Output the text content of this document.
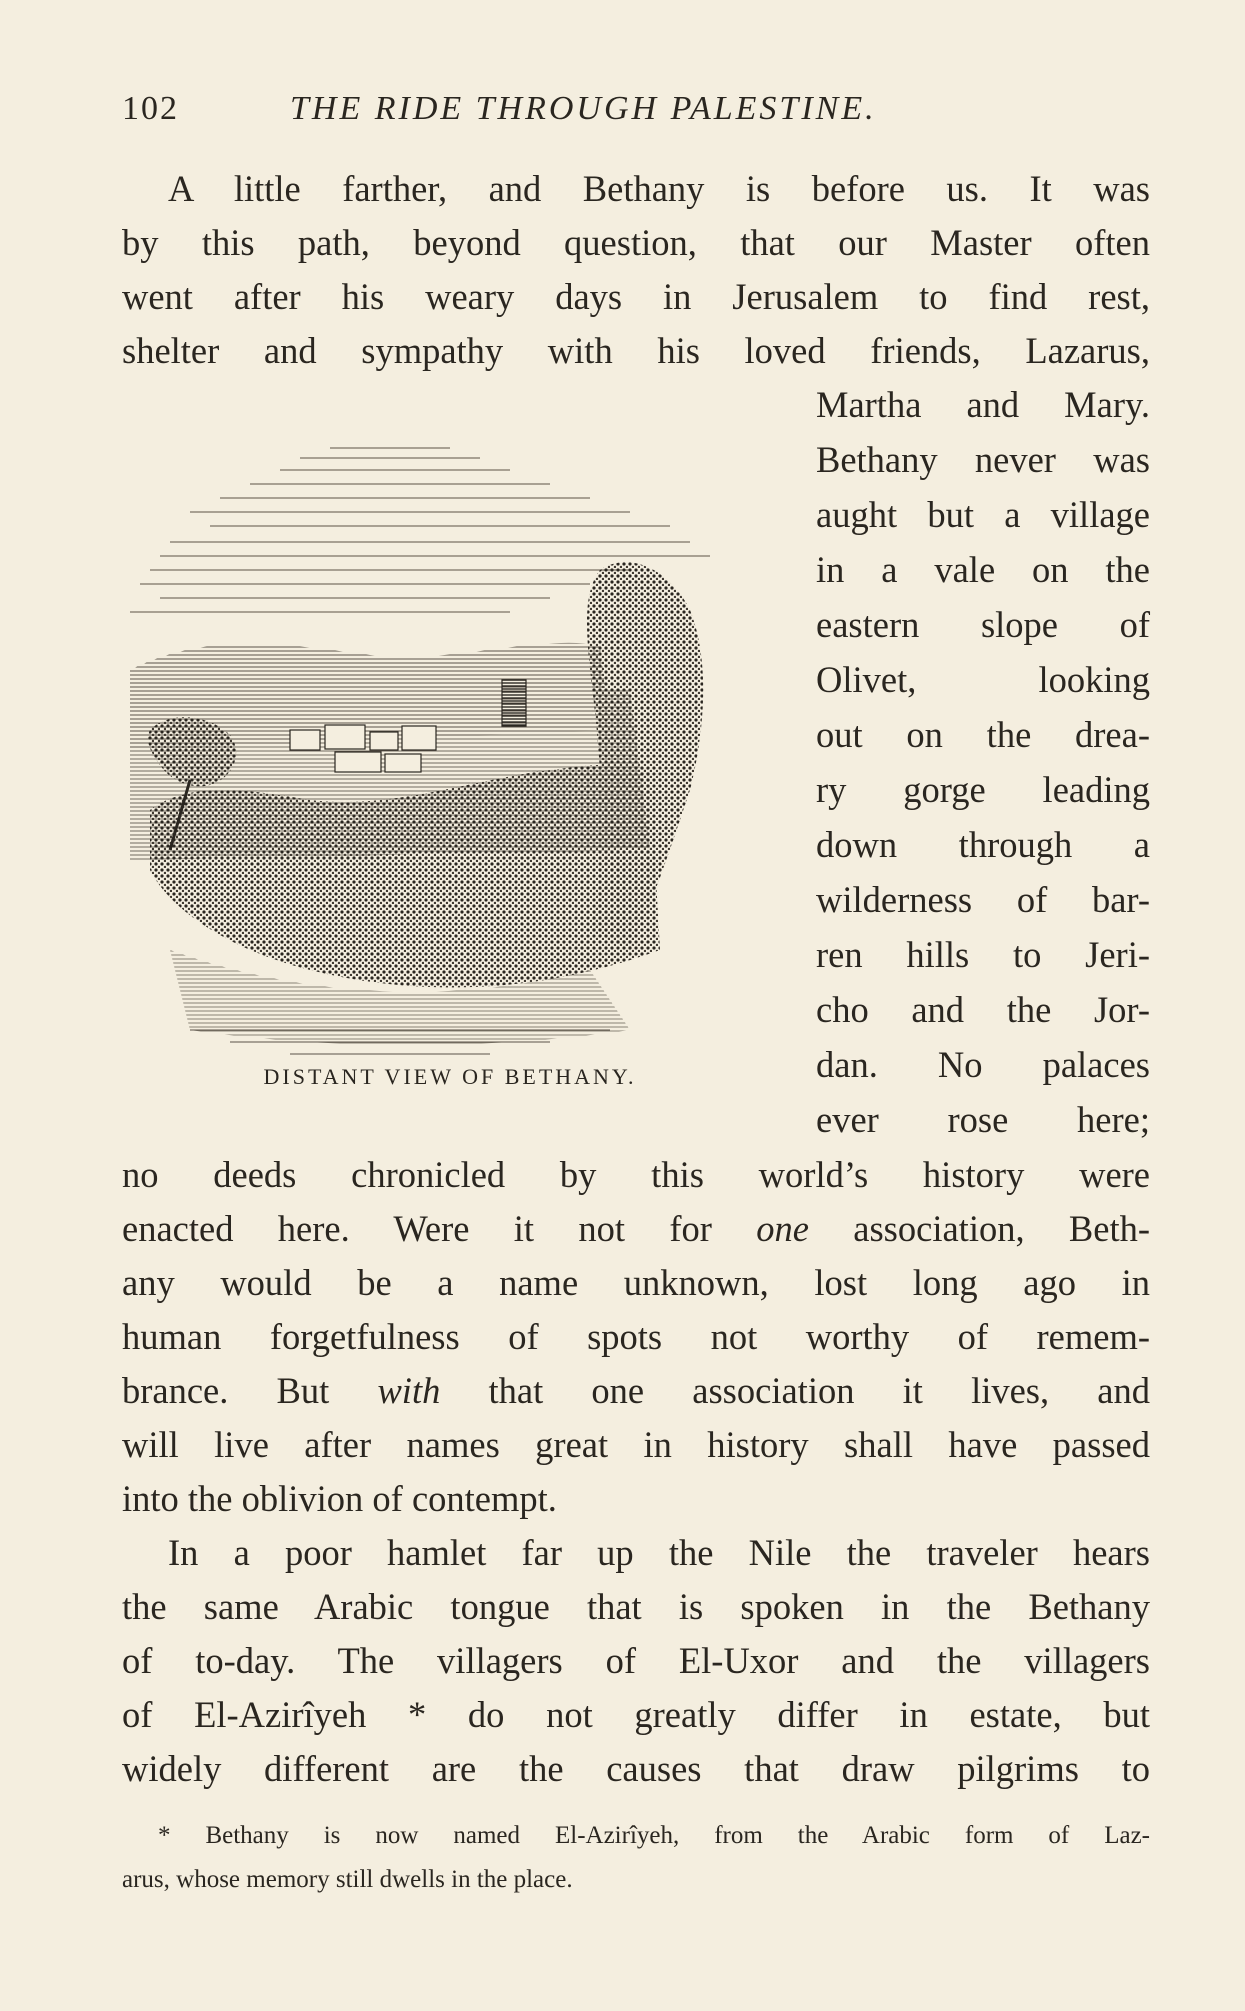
102	THE RIDE THROUGH PALESTINE.
A little farther, and Bethany is before us. It was
by this path, beyond question, that our Master often
went after his weary days in Jerusalem to find rest,
shelter and sympathy with his loved friends, Lazarus,
Martha and Mary.
Bethany never was
aught but a village
in a vale on the
eastern slope of
Olivet, looking
out on the drea-
ry gorge leading
down through a
wilderness of bar-
ren hills to Jeri-
cho and the Jor-
dan. No palaces
ever rose here;
no deeds chronicled by this world’s history were
enacted here. Were it not for one association, Beth-
any would be a name unknown, lost long ago in
human forgetfulness of spots not worthy of remem-
brance. But with that one association it lives, and
will live after names great in history shall have passed
into the oblivion of contempt.
In a poor hamlet far up the Nile the traveler hears
the same Arabic tongue that is spoken in the Bethany
of to-day. The villagers of El-Uxor and the villagers
of El-Azirîyeh * do not greatly differ in estate, but
widely different are the causes that draw pilgrims to
* Bethany is now named El-Azirîyeh, from the Arabic form of Laz-
arus, whose memory still dwells in the place.
DISTANT VIEW OF BETHANY.
